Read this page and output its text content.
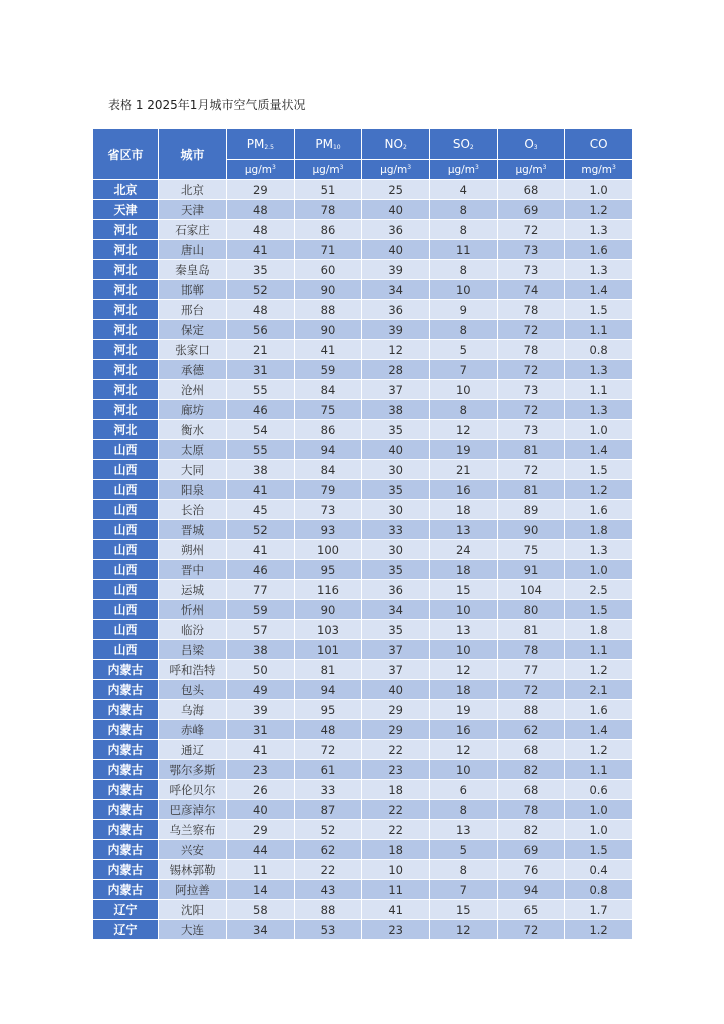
表格 1 2025年1月城市空气质量状况
省区市	城市	$PM_{2.5}$	$PM_{10}$	$NO_2$	$SO_2$	$O_3$	CO
		$\mu g/m^3$	$\mu g/m^3$	$\mu g/m^3$	$\mu g/m^3$	$\mu g/m^3$	$mg/m^3$
北京	北京	29	51	25	4	68	1.0
天津	天津	48	78	40	8	69	1.2
河北	石家庄	48	86	36	8	72	1.3
河北	唐山	41	71	40	11	73	1.6
河北	秦皇岛	35	60	39	8	73	1.3
河北	邯郸	52	90	34	10	74	1.4
河北	邢台	48	88	36	9	78	1.5
河北	保定	56	90	39	8	72	1.1
河北	张家口	21	41	12	5	78	0.8
河北	承德	31	59	28	7	72	1.3
河北	沧州	55	84	37	10	73	1.1
河北	廊坊	46	75	38	8	72	1.3
河北	衡水	54	86	35	12	73	1.0
山西	太原	55	94	40	19	81	1.4
山西	大同	38	84	30	21	72	1.5
山西	阳泉	41	79	35	16	81	1.2
山西	长治	45	73	30	18	89	1.6
山西	晋城	52	93	33	13	90	1.8
山西	朔州	41	100	30	24	75	1.3
山西	晋中	46	95	35	18	91	1.0
山西	运城	77	116	36	15	104	2.5
山西	忻州	59	90	34	10	80	1.5
山西	临汾	57	103	35	13	81	1.8
山西	吕梁	38	101	37	10	78	1.1
内蒙古	呼和浩特	50	81	37	12	77	1.2
内蒙古	包头	49	94	40	18	72	2.1
内蒙古	乌海	39	95	29	19	88	1.6
内蒙古	赤峰	31	48	29	16	62	1.4
内蒙古	通辽	41	72	22	12	68	1.2
内蒙古	鄂尔多斯	23	61	23	10	82	1.1
内蒙古	呼伦贝尔	26	33	18	6	68	0.6
内蒙古	巴彦淖尔	40	87	22	8	78	1.0
内蒙古	乌兰察布	29	52	22	13	82	1.0
内蒙古	兴安	44	62	18	5	69	1.5
内蒙古	锡林郭勒	11	22	10	8	76	0.4
内蒙古	阿拉善	14	43	11	7	94	0.8
辽宁	沈阳	58	88	41	15	65	1.7
辽宁	大连	34	53	23	12	72	1.2
